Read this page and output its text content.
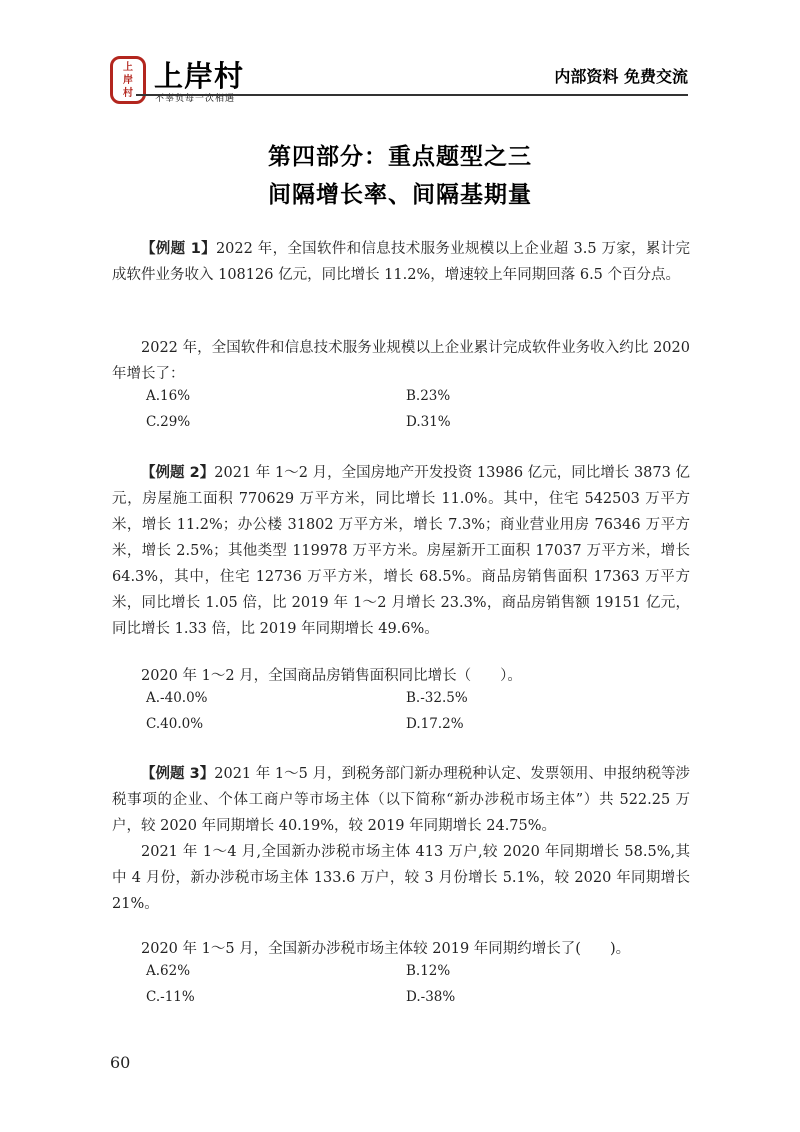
上
岸
村 上岸村
不辜负每一次相遇
内部资料 免费交流
第四部分：重点题型之三
间隔增长率、间隔基期量
【例题 1】2022 年，全国软件和信息技术服务业规模以上企业超 3.5 万家，累计完成软件业务收入 108126 亿元，同比增长 11.2%，增速较上年同期回落 6.5 个百分点。
2022 年，全国软件和信息技术服务业规模以上企业累计完成软件业务收入约比 2020 年增长了：
A.16%	B.23%
C.29%	D.31%
【例题 2】2021 年 1～2 月，全国房地产开发投资 13986 亿元，同比增长 3873 亿元，房屋施工面积 770629 万平方米，同比增长 11.0%。其中，住宅 542503 万平方米，增长 11.2%；办公楼 31802 万平方米，增长 7.3%；商业营业用房 76346 万平方米，增长 2.5%；其他类型 119978 万平方米。房屋新开工面积 17037 万平方米，增长 64.3%，其中，住宅 12736 万平方米，增长 68.5%。商品房销售面积 17363 万平方米，同比增长 1.05 倍，比 2019 年 1～2 月增长 23.3%，商品房销售额 19151 亿元，同比增长 1.33 倍，比 2019 年同期增长 49.6%。
2020 年 1～2 月，全国商品房销售面积同比增长（　　）。
A.-40.0%	B.-32.5%
C.40.0%	D.17.2%
【例题 3】2021 年 1～5 月，到税务部门新办理税种认定、发票领用、申报纳税等涉税事项的企业、个体工商户等市场主体（以下简称“新办涉税市场主体”）共 522.25 万户，较 2020 年同期增长 40.19%，较 2019 年同期增长 24.75%。
2021 年 1～4 月,全国新办涉税市场主体 413 万户,较 2020 年同期增长 58.5%,其中 4 月份，新办涉税市场主体 133.6 万户，较 3 月份增长 5.1%，较 2020 年同期增长 21%。
2020 年 1～5 月，全国新办涉税市场主体较 2019 年同期约增长了(　　)。
A.62%	B.12%
C.-11%	D.-38%
60
